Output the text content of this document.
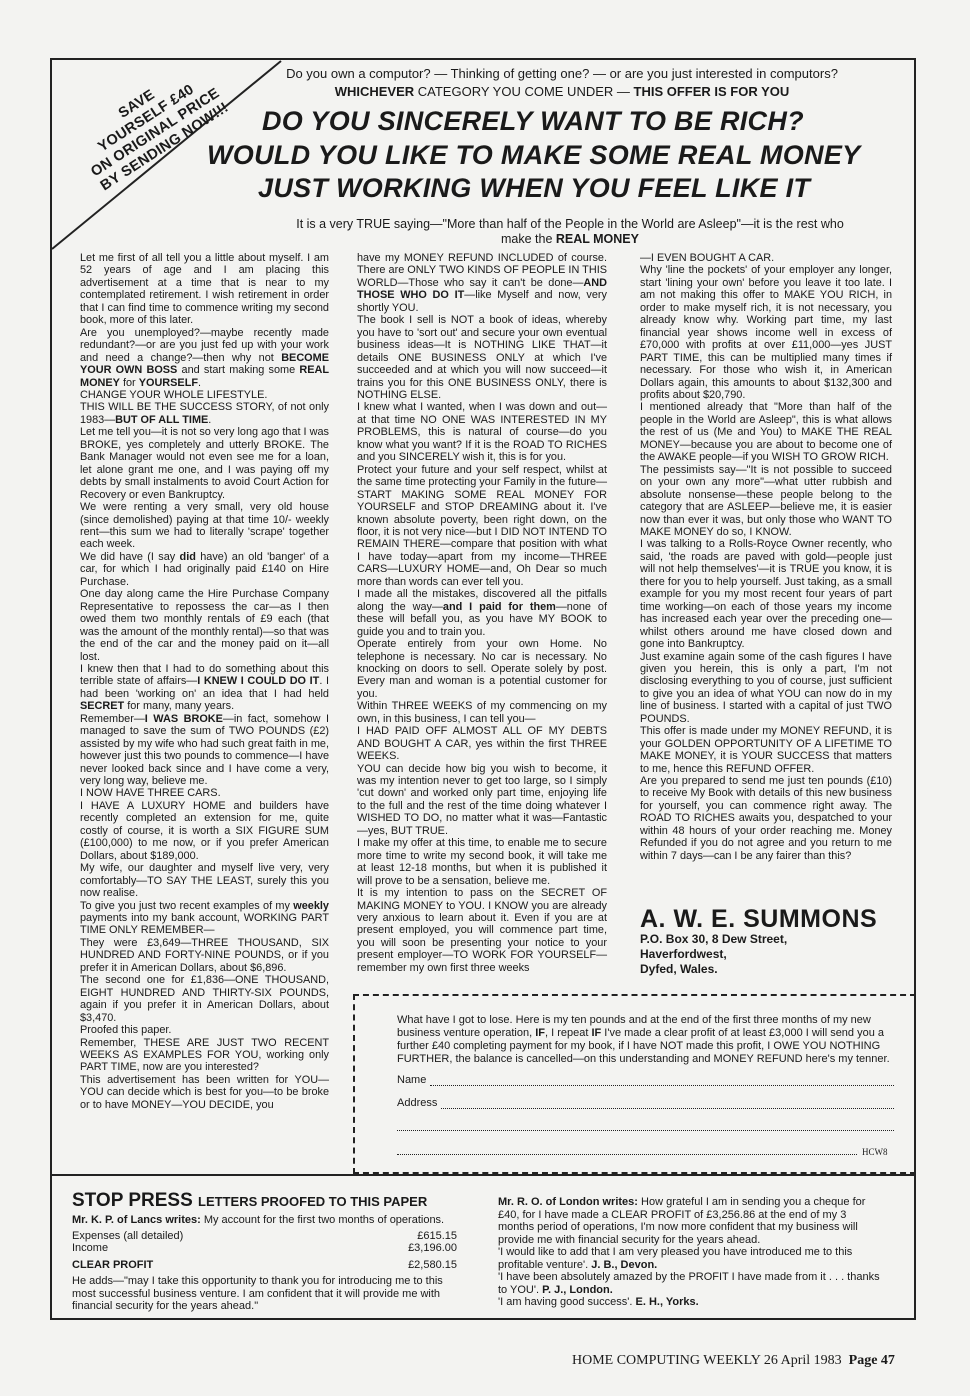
SAVE
YOURSELF £40
ON ORIGINAL PRICE
BY SENDING NOW!!!
Do you own a computor? — Thinking of getting one? — or are you just interested in computors?
WHICHEVER CATEGORY YOU COME UNDER — THIS OFFER IS FOR YOU
DO YOU SINCERELY WANT TO BE RICH?
WOULD YOU LIKE TO MAKE SOME REAL MONEY
JUST WORKING WHEN YOU FEEL LIKE IT
It is a very TRUE saying—"More than half of the People in the World are Asleep"—it is the rest who make the REAL MONEY

Let me first of all tell you a little about myself. I am 52 years of age and I am placing this advertisement at a time that is near to my contemplated retirement. I wish retirement in order that I can find time to commence writing my second book, more of this later.

Are you unemployed?—maybe recently made redundant?—or are you just fed up with your work and need a change?—then why not BECOME YOUR OWN BOSS and start making some REAL MONEY for YOURSELF.

CHANGE YOUR WHOLE LIFESTYLE.

THIS WILL BE THE SUCCESS STORY, of not only 1983—BUT OF ALL TIME.

Let me tell you—it is not so very long ago that I was BROKE, yes completely and utterly BROKE. The Bank Manager would not even see me for a loan, let alone grant me one, and I was paying off my debts by small instalments to avoid Court Action for Recovery or even Bankruptcy.

We were renting a very small, very old house (since demolished) paying at that time 10/- weekly rent—this sum we had to literally 'scrape' together each week.

We did have (I say did have) an old 'banger' of a car, for which I had originally paid £140 on Hire Purchase.

One day along came the Hire Purchase Company Representative to repossess the car—as I then owed them two monthly rentals of £9 each (that was the amount of the monthly rental)—so that was the end of the car and the money paid on it—all lost.

I knew then that I had to do something about this terrible state of affairs—I KNEW I COULD DO IT. I had been 'working on' an idea that I had held SECRET for many, many years.

Remember—I WAS BROKE—in fact, somehow I managed to save the sum of TWO POUNDS (£2) assisted by my wife who had such great faith in me, however just this two pounds to commence—I have never looked back since and I have come a very, very long way, believe me.

I NOW HAVE THREE CARS.

I HAVE A LUXURY HOME and builders have recently completed an extension for me, quite costly of course, it is worth a SIX FIGURE SUM (£100,000) to me now, or if you prefer American Dollars, about $189,000.

My wife, our daughter and myself live very, very comfortably—TO SAY THE LEAST, surely this you now realise.

To give you just two recent examples of my weekly payments into my bank account, WORKING PART TIME ONLY REMEMBER—

They were £3,649—THREE THOUSAND, SIX HUNDRED AND FORTY-NINE POUNDS, or if you prefer it in American Dollars, about $6,896.

The second one for £1,836—ONE THOUSAND, EIGHT HUNDRED AND THIRTY-SIX POUNDS, again if you prefer it in American Dollars, about $3,470.

Proofed this paper.

Remember, THESE ARE JUST TWO RECENT WEEKS AS EXAMPLES FOR YOU, working only PART TIME, now are you interested?

This advertisement has been written for YOU—YOU can decide which is best for you—to be broke or to have MONEY—YOU DECIDE, you

have my MONEY REFUND INCLUDED of course. There are ONLY TWO KINDS OF PEOPLE IN THIS WORLD—Those who say it can't be done—AND THOSE WHO DO IT—like Myself and now, very shortly YOU.

The book I sell is NOT a book of ideas, whereby you have to 'sort out' and secure your own eventual business ideas—It is NOTHING LIKE THAT—it details ONE BUSINESS ONLY at which I've succeeded and at which you will now succeed—it trains you for this ONE BUSINESS ONLY, there is NOTHING ELSE.

I knew what I wanted, when I was down and out—at that time NO ONE WAS INTERESTED IN MY PROBLEMS, this is natural of course—do you know what you want? If it is the ROAD TO RICHES and you SINCERELY wish it, this is for you.

Protect your future and your self respect, whilst at the same time protecting your Family in the future—START MAKING SOME REAL MONEY FOR YOURSELF and STOP DREAMING about it. I've known absolute poverty, been right down, on the floor, it is not very nice—but I DID NOT INTEND TO REMAIN THERE—compare that position with what I have today—apart from my income—THREE CARS—LUXURY HOME—and, Oh Dear so much more than words can ever tell you.

I made all the mistakes, discovered all the pitfalls along the way—and I paid for them—none of these will befall you, as you have MY BOOK to guide you and to train you.

Operate entirely from your own Home. No telephone is necessary. No car is necessary. No knocking on doors to sell. Operate solely by post. Every man and woman is a potential customer for you.

Within THREE WEEKS of my commencing on my own, in this business, I can tell you—

I HAD PAID OFF ALMOST ALL OF MY DEBTS AND BOUGHT A CAR, yes within the first THREE WEEKS.

YOU can decide how big you wish to become, it was my intention never to get too large, so I simply 'cut down' and worked only part time, enjoying life to the full and the rest of the time doing whatever I WISHED TO DO, no matter what it was—Fantastic—yes, BUT TRUE.

I make my offer at this time, to enable me to secure more time to write my second book, it will take me at least 12-18 months, but when it is published it will prove to be a sensation, believe me.

It is my intention to pass on the SECRET OF MAKING MONEY to YOU. I KNOW you are already very anxious to learn about it. Even if you are at present employed, you will commence part time, you will soon be presenting your notice to your present employer—TO WORK FOR YOURSELF—remember my own first three weeks

—I EVEN BOUGHT A CAR.

Why 'line the pockets' of your employer any longer, start 'lining your own' before you leave it too late. I am not making this offer to MAKE YOU RICH, in order to make myself rich, it is not necessary, you already know why. Working part time, my last financial year shows income well in excess of £70,000 with profits at over £11,000—yes JUST PART TIME, this can be multiplied many times if necessary. For those who wish it, in American Dollars again, this amounts to about $132,300 and profits about $20,790.

I mentioned already that "More than half of the people in the World are Asleep", this is what allows the rest of us (Me and You) to MAKE THE REAL MONEY—because you are about to become one of the AWAKE people—if you WISH TO GROW RICH.

The pessimists say—"It is not possible to succeed on your own any more"—what utter rubbish and absolute nonsense—these people belong to the category that are ASLEEP—believe me, it is easier now than ever it was, but only those who WANT TO MAKE MONEY do so, I KNOW.

I was talking to a Rolls-Royce Owner recently, who said, 'the roads are paved with gold—people just will not help themselves'—it is TRUE you know, it is there for you to help yourself. Just taking, as a small example for you my most recent four years of part time working—on each of those years my income has increased each year over the preceding one—whilst others around me have closed down and gone into Bankruptcy.

Just examine again some of the cash figures I have given you herein, this is only a part, I'm not disclosing everything to you of course, just sufficient to give you an idea of what YOU can now do in my line of business. I started with a capital of just TWO POUNDS.

This offer is made under my MONEY REFUND, it is your GOLDEN OPPORTUNITY OF A LIFETIME TO MAKE MONEY, it is YOUR SUCCESS that matters to me, hence this REFUND OFFER.

Are you prepared to send me just ten pounds (£10) to receive My Book with details of this new business for yourself, you can commence right away. The ROAD TO RICHES awaits you, despatched to your within 48 hours of your order reaching me. Money Refunded if you do not agree and you return to me within 7 days—can I be any fairer than this?

A. W. E. SUMMONS
P.O. Box 30, 8 Dew Street,
Haverfordwest,
Dyfed, Wales.
What have I got to lose. Here is my ten pounds and at the end of the first three months of my new business venture operation, IF, I repeat IF I've made a clear profit of at least £3,000 I will send you a further £40 completing payment for my book, if I have NOT made this profit, I OWE YOU NOTHING FURTHER, the balance is cancelled—on this understanding and MONEY REFUND here's my tenner.
Name
Address
HCW8
STOP PRESS LETTERS PROOFED TO THIS PAPER

Mr. K. P. of Lancs writes: My account for the first two months of operations.

Expenses (all detailed)	£615.15
Income	£3,196.00
CLEAR PROFIT	£2,580.15

He adds—"may I take this opportunity to thank you for introducing me to this most successful business venture. I am confident that it will provide me with financial security for the years ahead."

Mr. R. O. of London writes: How grateful I am in sending you a cheque for £40, for I have made a CLEAR PROFIT of £3,256.86 at the end of my 3 months period of operations, I'm now more confident that my business will provide me with financial security for the years ahead.

'I would like to add that I am very pleased you have introduced me to this profitable venture'. J. B., Devon.

'I have been absolutely amazed by the PROFIT I have made from it . . . thanks to YOU'. P. J., London.

'I am having good success'. E. H., Yorks.

HOME COMPUTING WEEKLY 26 April 1983 Page 47
